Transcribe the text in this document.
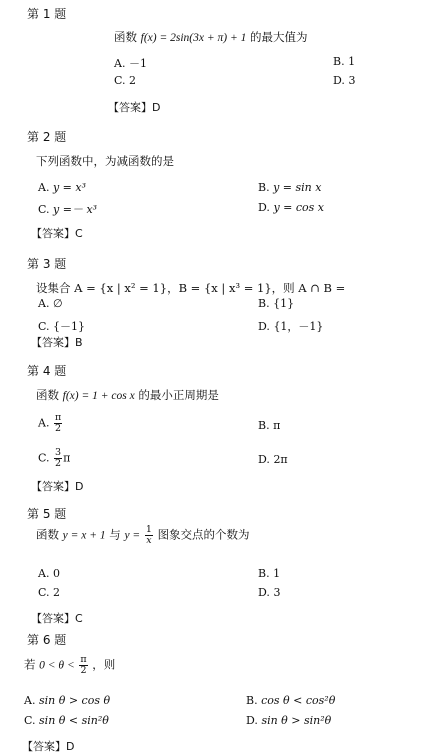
第 1 题
函数 f(x) = 2sin(3x + π) + 1 的最大值为
A. －1	B. 1
C. 2	D. 3
【答案】D
第 2 题
下列函数中，为减函数的是
A. y = x³	B. y = sin x
C. y =－ x³	D. y = cos x
【答案】C
第 3 题
设集合 A = {x | x² = 1}，B = {x | x³ = 1}，则 A ∩ B =
A. ∅	B. {1}
C. {－1}	D. {1，－1}
【答案】B
第 4 题
函数 f(x) = 1 + cos x 的最小正周期是
A. $\frac{\pi}{2}$	B. π
C. $\frac{3}{2}$ π	D. 2π
【答案】D
第 5 题
函数 y = x + 1 与 $y = \frac{1}{x}$ 图象交点的个数为
A. 0	B. 1
C. 2	D. 3
【答案】C
第 6 题
若 $0 < \theta < \frac{\pi}{2}$ ，则
A. sin θ > cos θ	B. cos θ < cos²θ
C. sin θ < sin²θ	D. sin θ > sin²θ
【答案】D
